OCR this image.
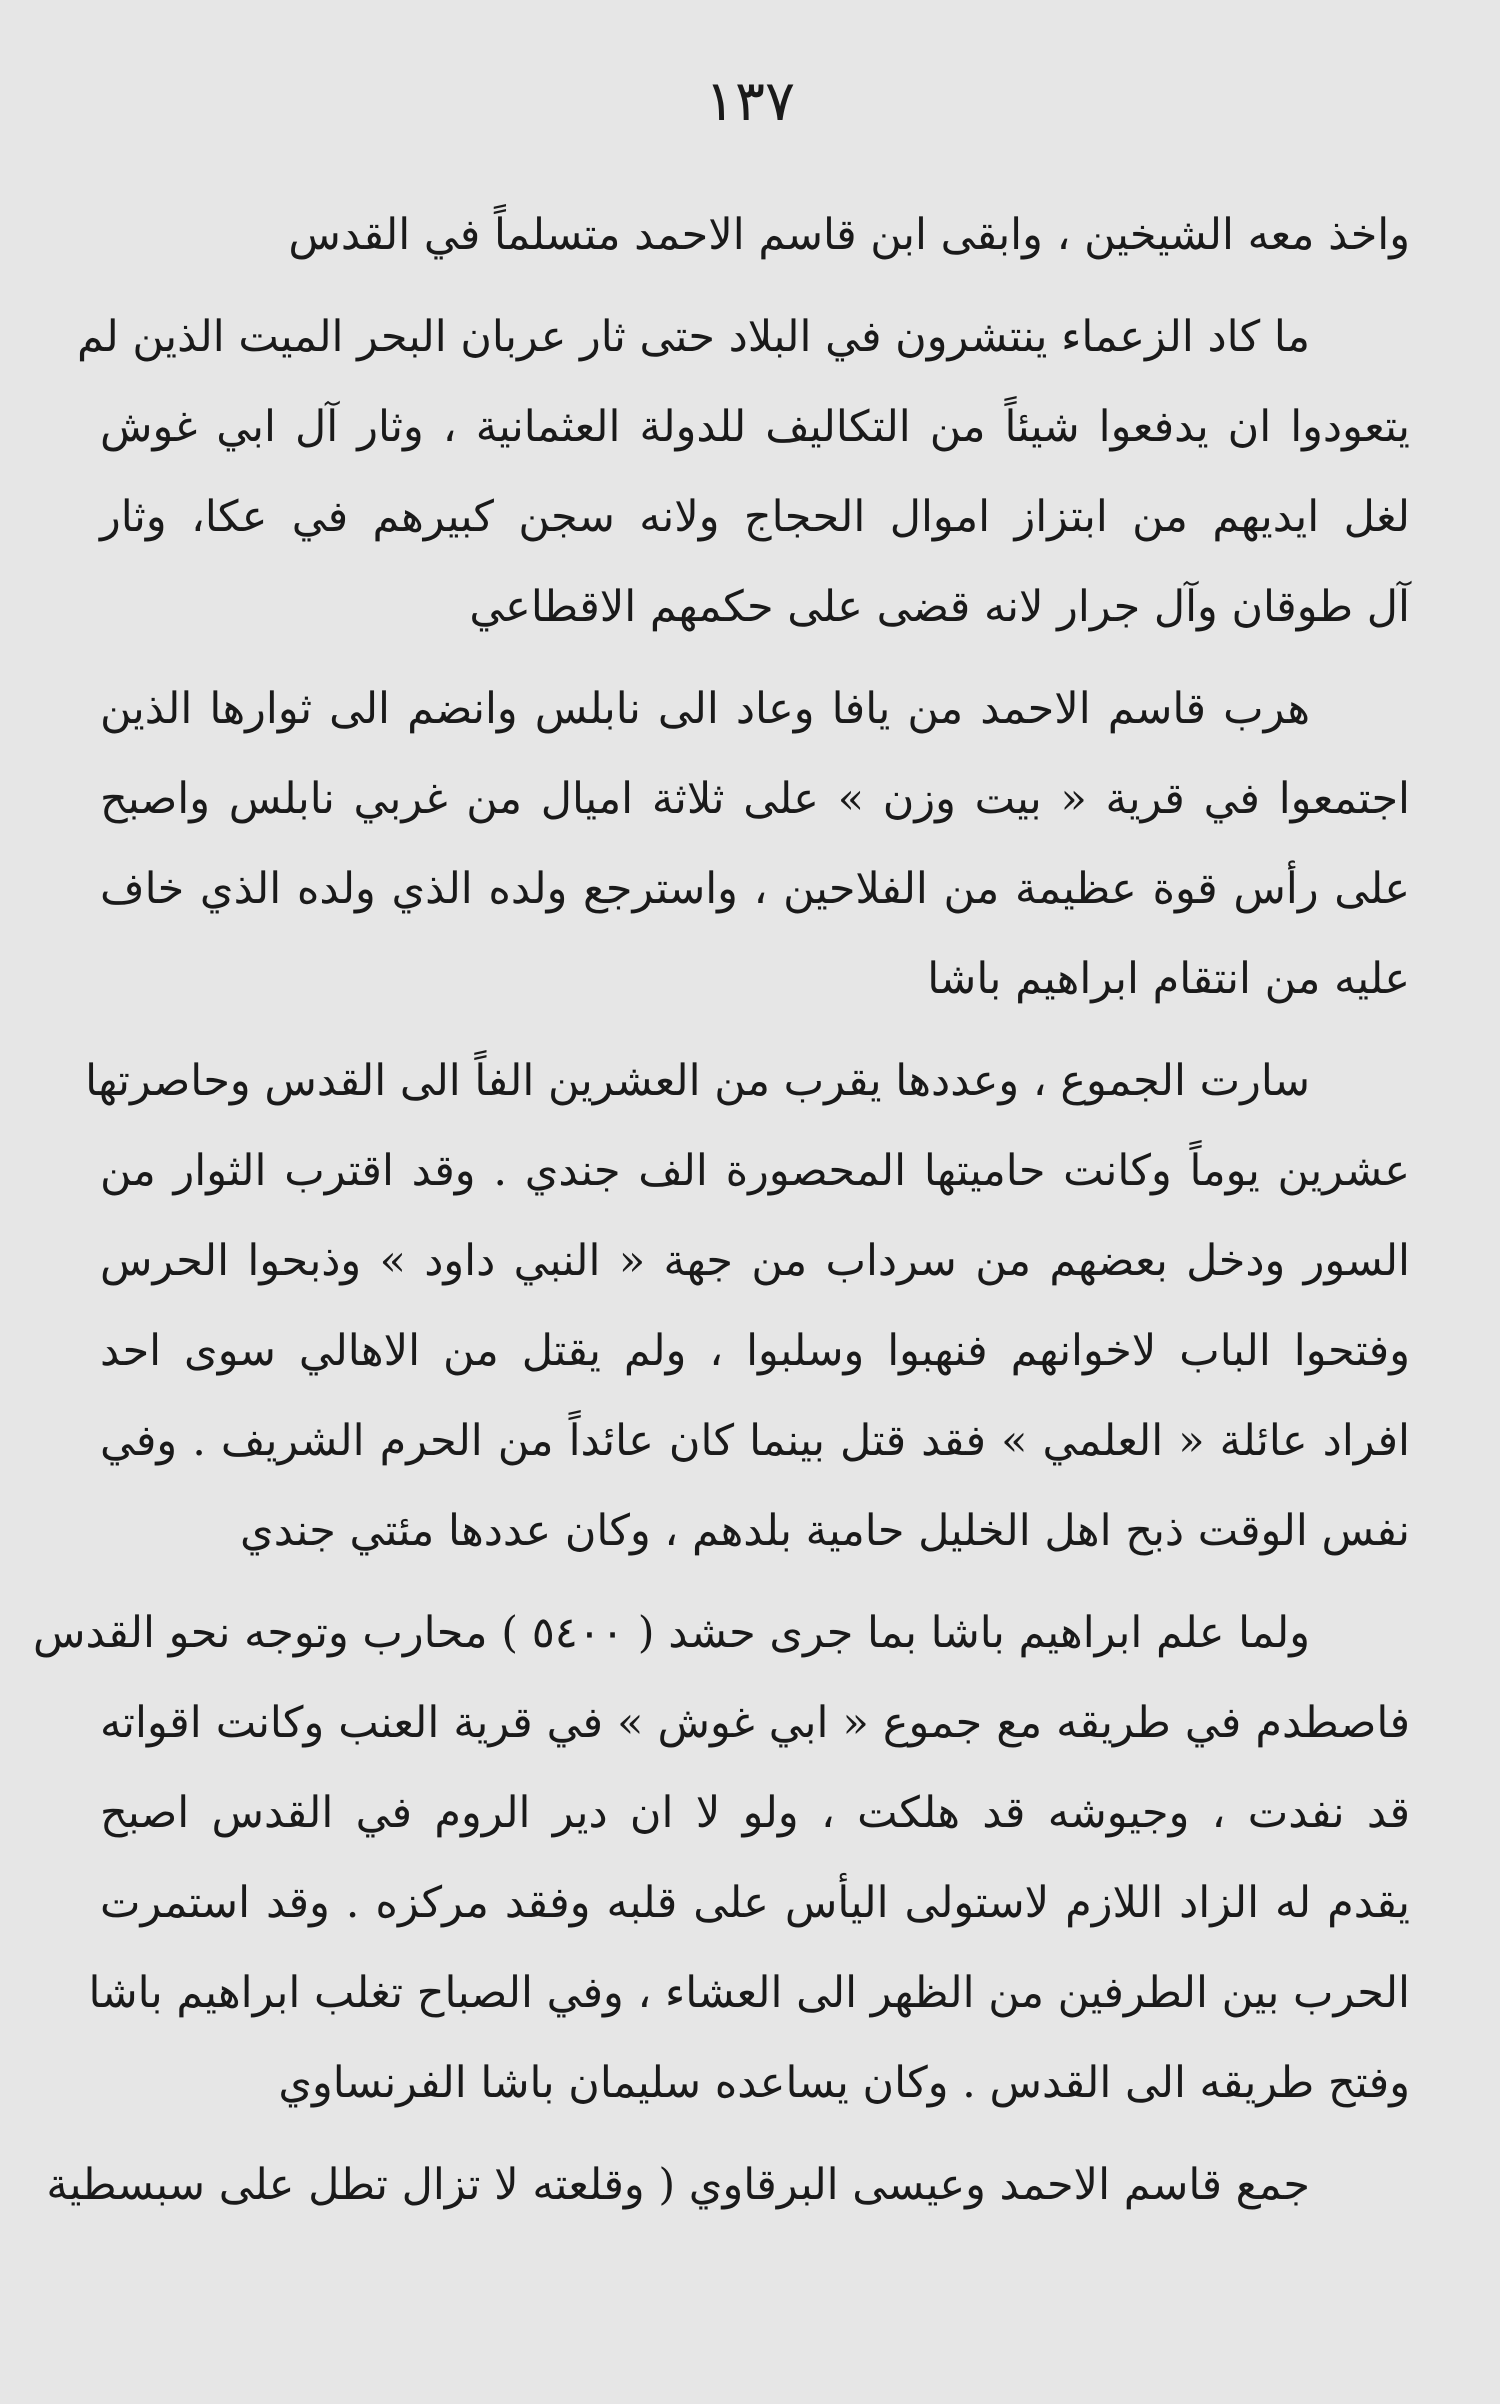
١٣٧
واخذ معه الشيخين ، وابقى ابن قاسم الاحمد متسلماً في القدس
ما كاد الزعماء ينتشرون في البلاد حتى ثار عربان البحر الميت الذين لم
يتعودوا ان يدفعوا شيئاً من التكاليف للدولة العثمانية ، وثار آل ابي غوش
لغل ايديهم من ابتزاز اموال الحجاج ولانه سجن كبيرهم في عكا، وثار
آل طوقان وآل جرار لانه قضى على حكمهم الاقطاعي
هرب قاسم الاحمد من يافا وعاد الى نابلس وانضم الى ثوارها الذين
اجتمعوا في قرية « بيت وزن » على ثلاثة اميال من غربي نابلس واصبح
على رأس قوة عظيمة من الفلاحين ، واسترجع ولده الذي ولده الذي خاف
عليه من انتقام ابراهيم باشا
سارت الجموع ، وعددها يقرب من العشرين الفاً الى القدس وحاصرتها
عشرين يوماً وكانت حاميتها المحصورة الف جندي . وقد اقترب الثوار من
السور ودخل بعضهم من سرداب من جهة « النبي داود » وذبحوا الحرس
وفتحوا الباب لاخوانهم فنهبوا وسلبوا ، ولم يقتل من الاهالي سوى احد
افراد عائلة « العلمي » فقد قتل بينما كان عائداً من الحرم الشريف . وفي
نفس الوقت ذبح اهل الخليل حامية بلدهم ، وكان عددها مئتي جندي
ولما علم ابراهيم باشا بما جرى حشد ( ٥٤٠٠ ) محارب وتوجه نحو القدس
فاصطدم في طريقه مع جموع « ابي غوش » في قرية العنب وكانت اقواته
قد نفدت ، وجيوشه قد هلكت ، ولو لا ان دير الروم في القدس اصبح
يقدم له الزاد اللازم لاستولى اليأس على قلبه وفقد مركزه . وقد استمرت
الحرب بين الطرفين من الظهر الى العشاء ، وفي الصباح تغلب ابراهيم باشا
وفتح طريقه الى القدس . وكان يساعده سليمان باشا الفرنساوي
جمع قاسم الاحمد وعيسى البرقاوي ( وقلعته لا تزال تطل على سبسطية
